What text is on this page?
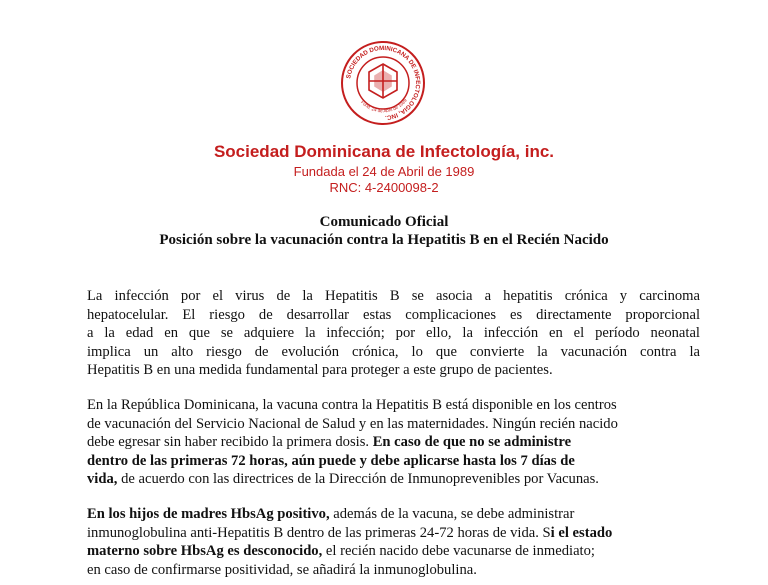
SOCIEDAD DOMINICANA DE INFECTOLOGIA, INC.
Fund. 24 de Abril de 1989
Sociedad Dominicana de Infectología, inc.
Fundada el 24 de Abril de 1989
RNC: 4-2400098-2
Comunicado Oficial
Posición sobre la vacunación contra la Hepatitis B en el Recién Nacido
La infección por el virus de la Hepatitis B se asocia a hepatitis crónica y carcinoma
hepatocelular. El riesgo de desarrollar estas complicaciones es directamente proporcional
a la edad en que se adquiere la infección; por ello, la infección en el período neonatal
implica un alto riesgo de evolución crónica, lo que convierte la vacunación contra la
Hepatitis B en una medida fundamental para proteger a este grupo de pacientes.
En la República Dominicana, la vacuna contra la Hepatitis B está disponible en los centros
de vacunación del Servicio Nacional de Salud y en las maternidades. Ningún recién nacido
debe egresar sin haber recibido la primera dosis. En caso de que no se administre
dentro de las primeras 72 horas, aún puede y debe aplicarse hasta los 7 días de
vida, de acuerdo con las directrices de la Dirección de Inmunoprevenibles por Vacunas.
En los hijos de madres HbsAg positivo, además de la vacuna, se debe administrar
inmunoglobulina anti-Hepatitis B dentro de las primeras 24-72 horas de vida. Si el estado
materno sobre HbsAg es desconocido, el recién nacido debe vacunarse de inmediato;
en caso de confirmarse positividad, se añadirá la inmunoglobulina.
